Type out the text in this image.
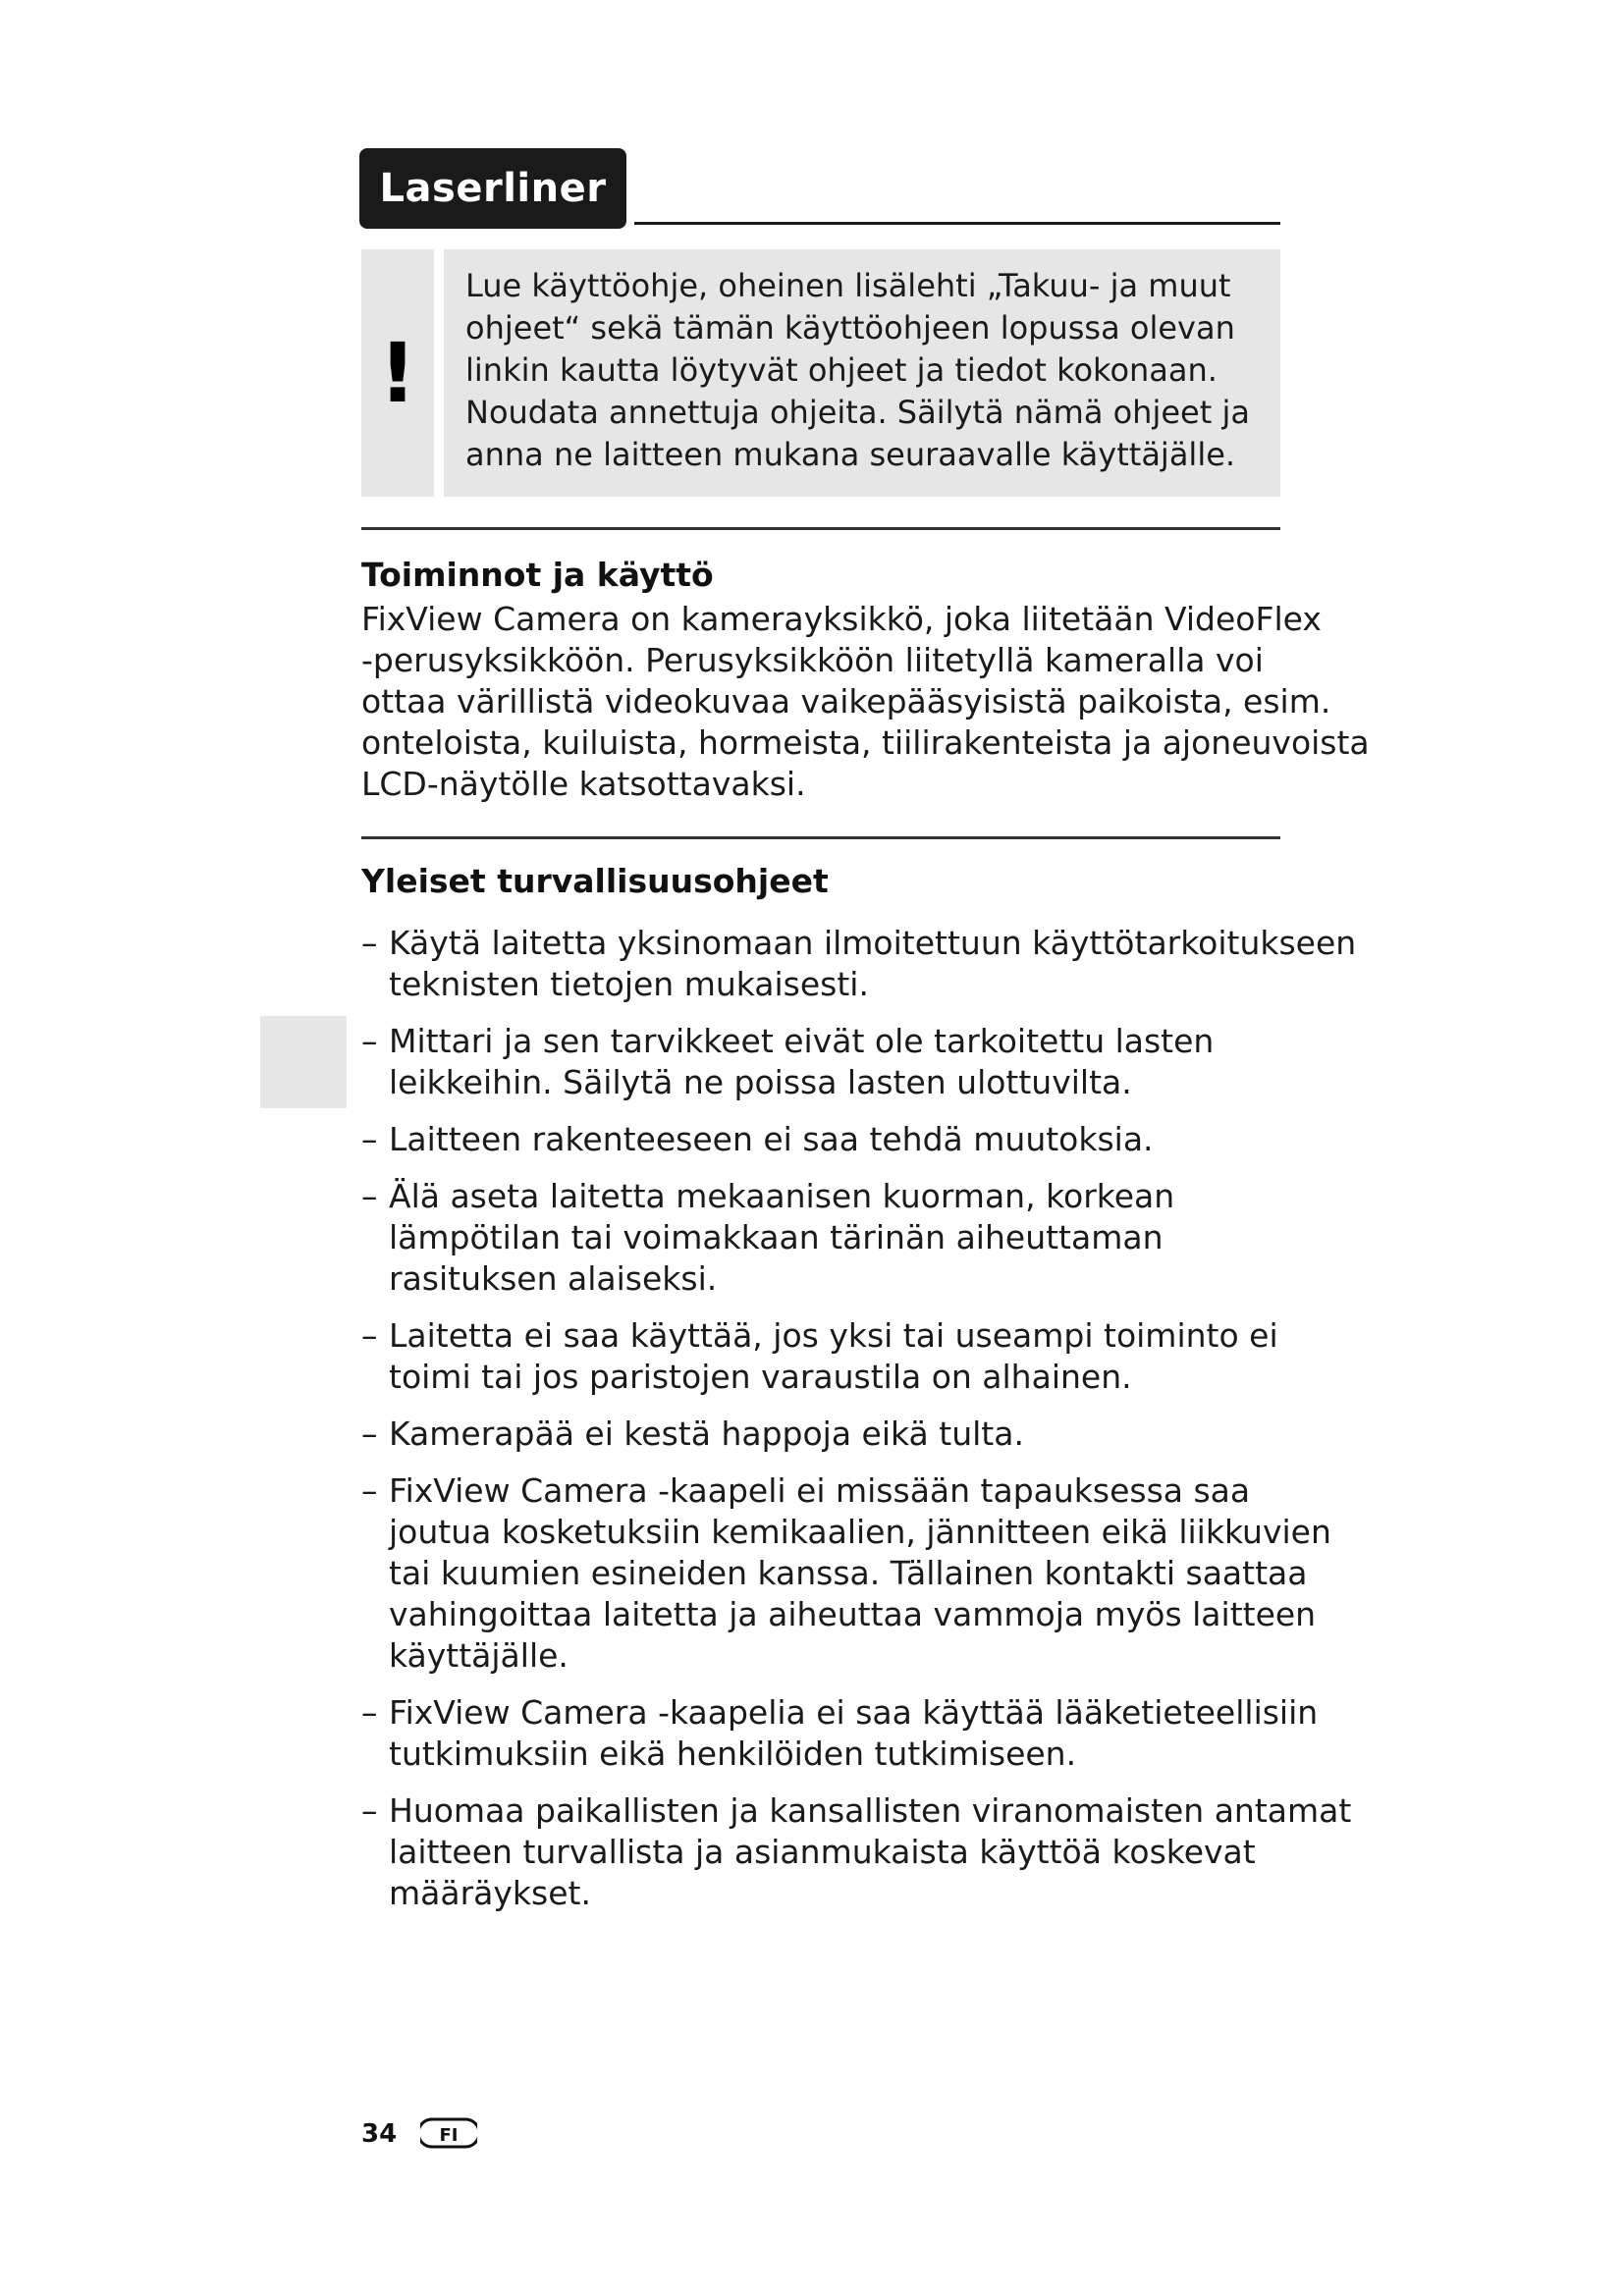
Laserliner
!
Lue käyttöohje, oheinen lisälehti „Takuu- ja muut
ohjeet“ sekä tämän käyttöohjeen lopussa olevan
linkin kautta löytyvät ohjeet ja tiedot kokonaan.
Noudata annettuja ohjeita. Säilytä nämä ohjeet ja
anna ne laitteen mukana seuraavalle käyttäjälle.
Toiminnot ja käyttö
FixView Camera on kamerayksikkö, joka liitetään VideoFlex
-perusyksikköön. Perusyksikköön liitetyllä kameralla voi
ottaa värillistä videokuvaa vaikepääsyisistä paikoista, esim.
onteloista, kuiluista, hormeista, tiilirakenteista ja ajoneuvoista
LCD-näytölle katsottavaksi.
Yleiset turvallisuusohjeet
– Käytä laitetta yksinomaan ilmoitettuun käyttötarkoitukseen
teknisten tietojen mukaisesti.
– Mittari ja sen tarvikkeet eivät ole tarkoitettu lasten
leikkeihin. Säilytä ne poissa lasten ulottuvilta.
– Laitteen rakenteeseen ei saa tehdä muutoksia.
– Älä aseta laitetta mekaanisen kuorman, korkean
lämpötilan tai voimakkaan tärinän aiheuttaman
rasituksen alaiseksi.
– Laitetta ei saa käyttää, jos yksi tai useampi toiminto ei
toimi tai jos paristojen varaustila on alhainen.
– Kamerapää ei kestä happoja eikä tulta.
– FixView Camera -kaapeli ei missään tapauksessa saa
joutua kosketuksiin kemikaalien, jännitteen eikä liikkuvien
tai kuumien esineiden kanssa. Tällainen kontakti saattaa
vahingoittaa laitetta ja aiheuttaa vammoja myös laitteen
käyttäjälle.
– FixView Camera -kaapelia ei saa käyttää lääketieteellisiin
tutkimuksiin eikä henkilöiden tutkimiseen.
– Huomaa paikallisten ja kansallisten viranomaisten antamat
laitteen turvallista ja asianmukaista käyttöä koskevat
määräykset.
34 FI
